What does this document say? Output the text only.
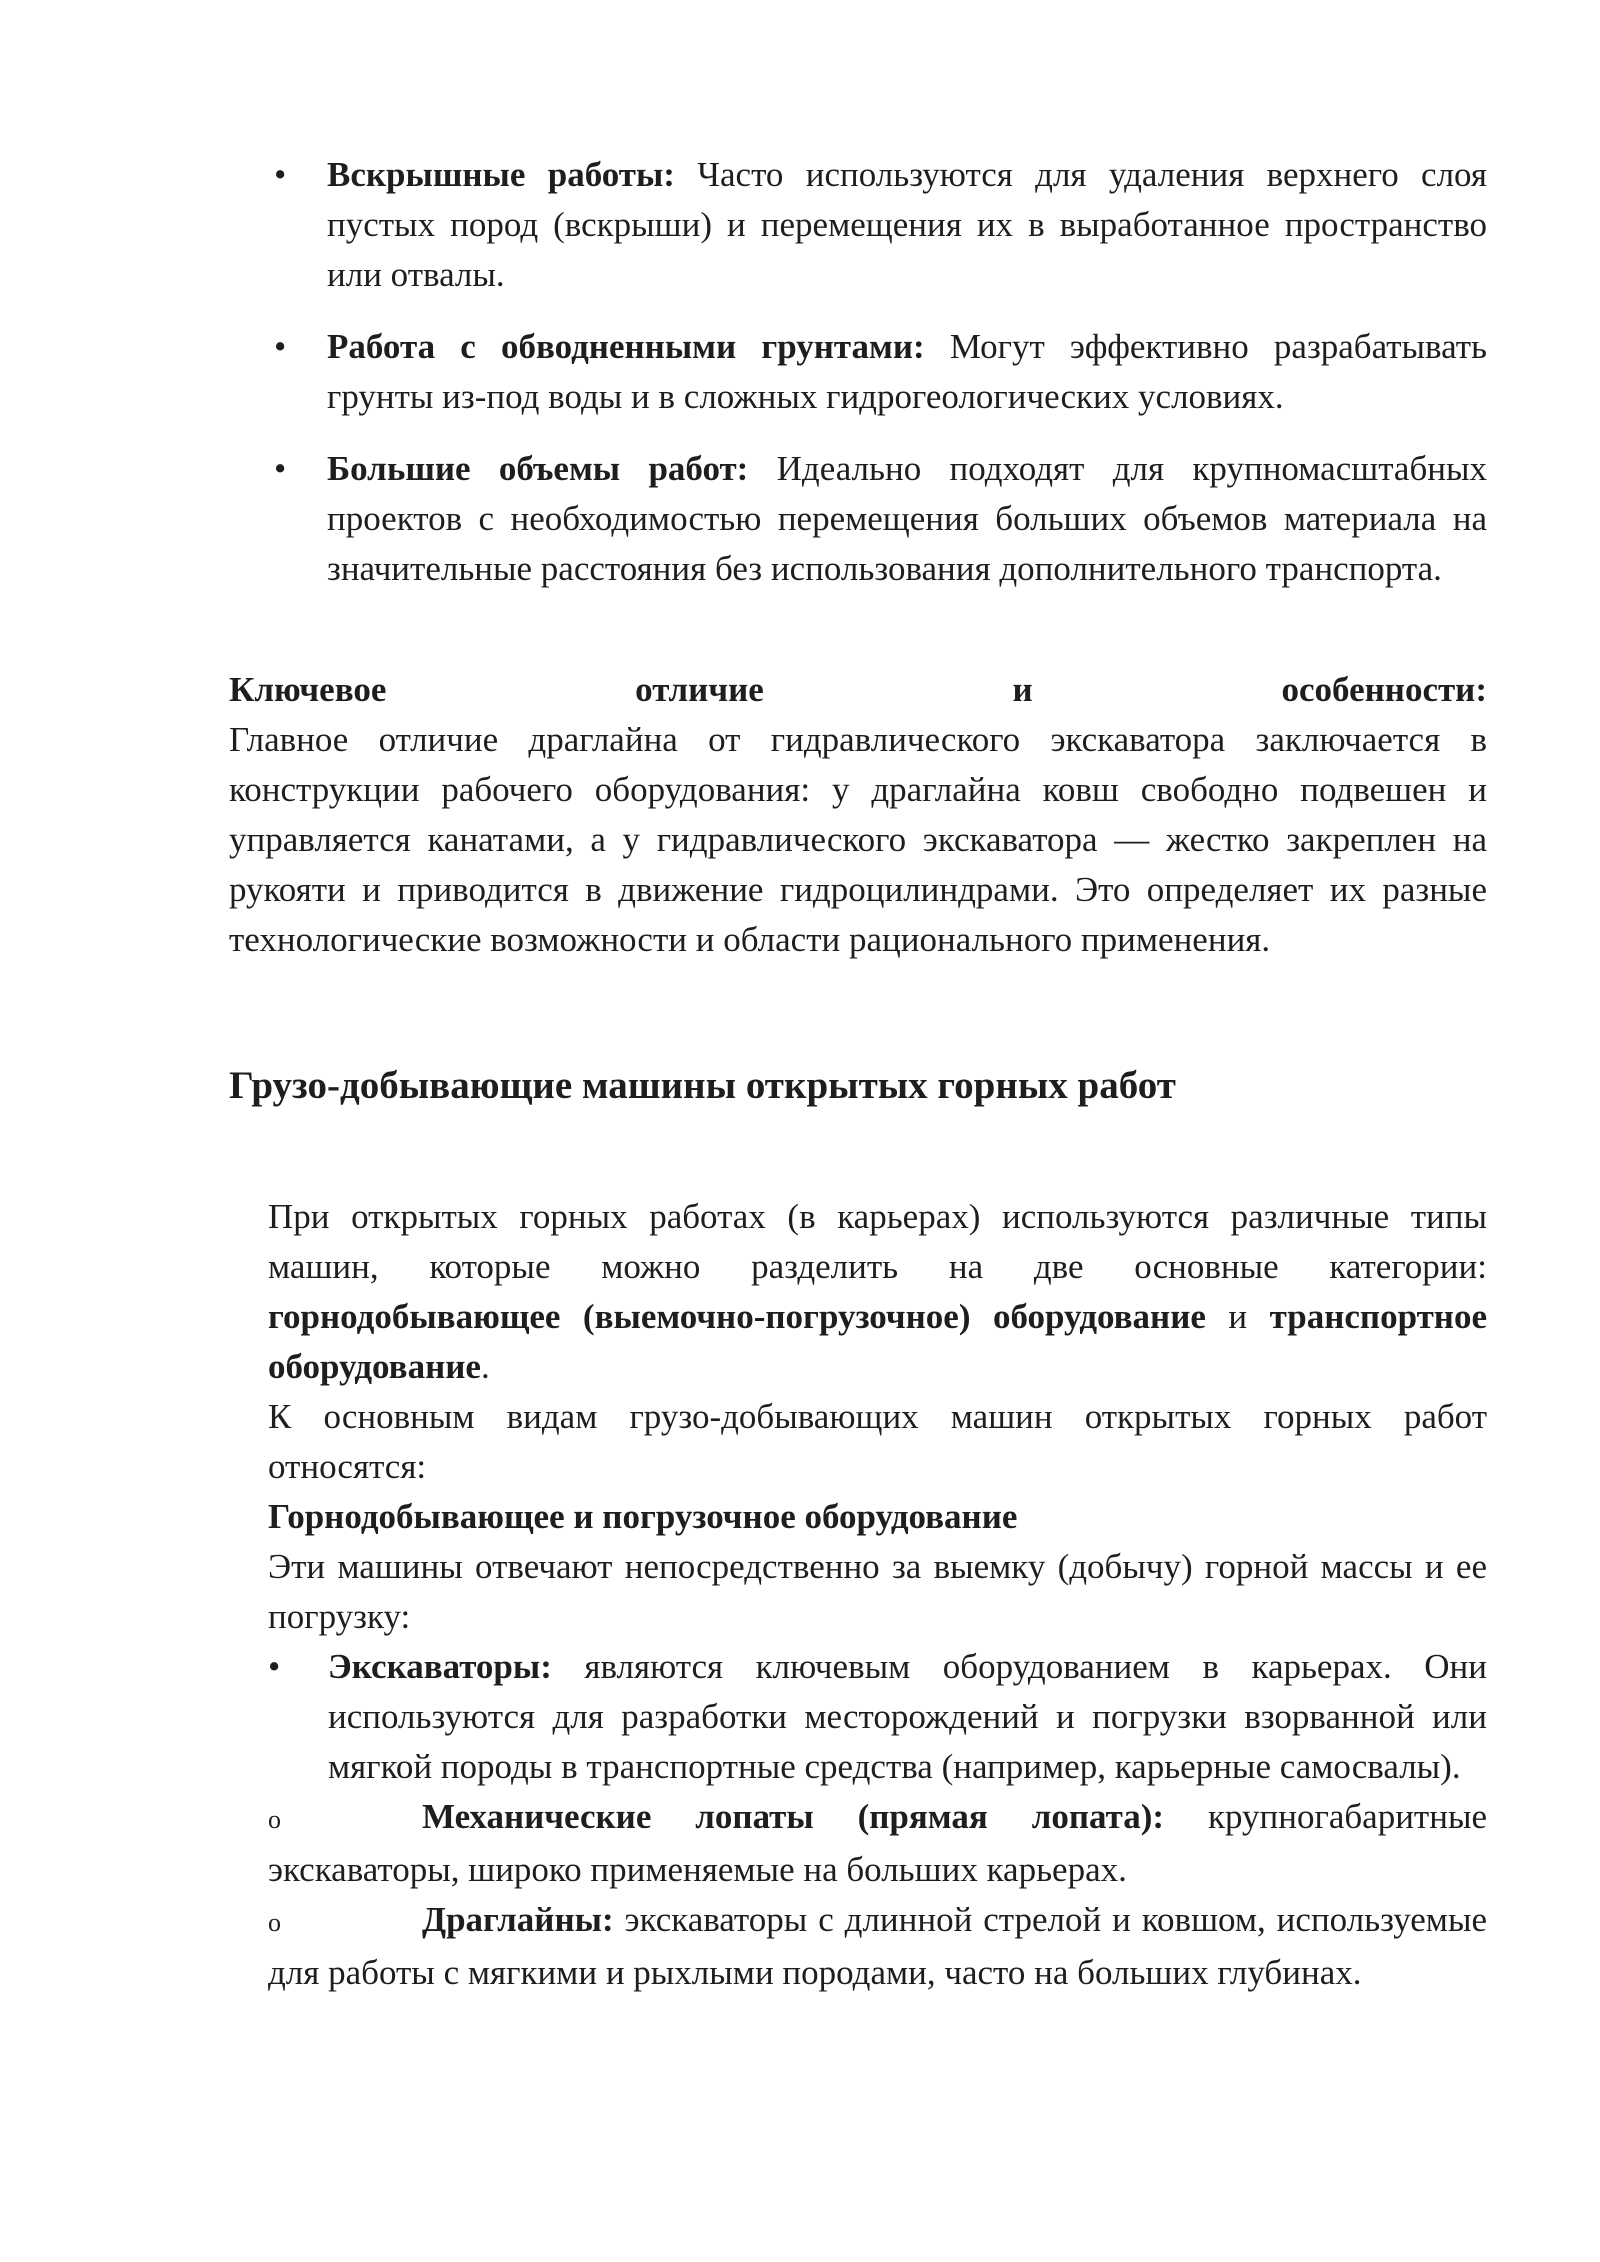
• Вскрышные работы: Часто используются для удаления верхнего слоя пустых пород (вскрыши) и перемещения их в выработанное пространство или отвалы.

• Работа с обводненными грунтами: Могут эффективно разрабатывать грунты из-под воды и в сложных гидрогеологических условиях.

• Большие объемы работ: Идеально подходят для крупномасштабных проектов с необходимостью перемещения больших объемов материала на значительные расстояния без использования дополнительного транспорта.

Ключевое отличие и особенности:

Главное отличие драглайна от гидравлического экскаватора заключается в конструкции рабочего оборудования: у драглайна ковш свободно подвешен и управляется канатами, а у гидравлического экскаватора — жестко закреплен на рукояти и приводится в движение гидроцилиндрами. Это определяет их разные технологические возможности и области рационального применения.

Грузо-добывающие машины открытых горных работ

При открытых горных работах (в карьерах) используются различные типы машин, которые можно разделить на две основные категории: горнодобывающее (выемочно-погрузочное) оборудование и транспортное оборудование.

К основным видам грузо-добывающих машин открытых горных работ относятся:

Горнодобывающее и погрузочное оборудование

Эти машины отвечают непосредственно за выемку (добычу) горной массы и ее погрузку:

• Экскаваторы: являются ключевым оборудованием в карьерах. Они используются для разработки месторождений и погрузки взорванной или мягкой породы в транспортные средства (например, карьерные самосвалы).

o	Механические лопаты (прямая лопата): крупногабаритные экскаваторы, широко применяемые на больших карьерах.

o	Драглайны: экскаваторы с длинной стрелой и ковшом, используемые для работы с мягкими и рыхлыми породами, часто на больших глубинах.
